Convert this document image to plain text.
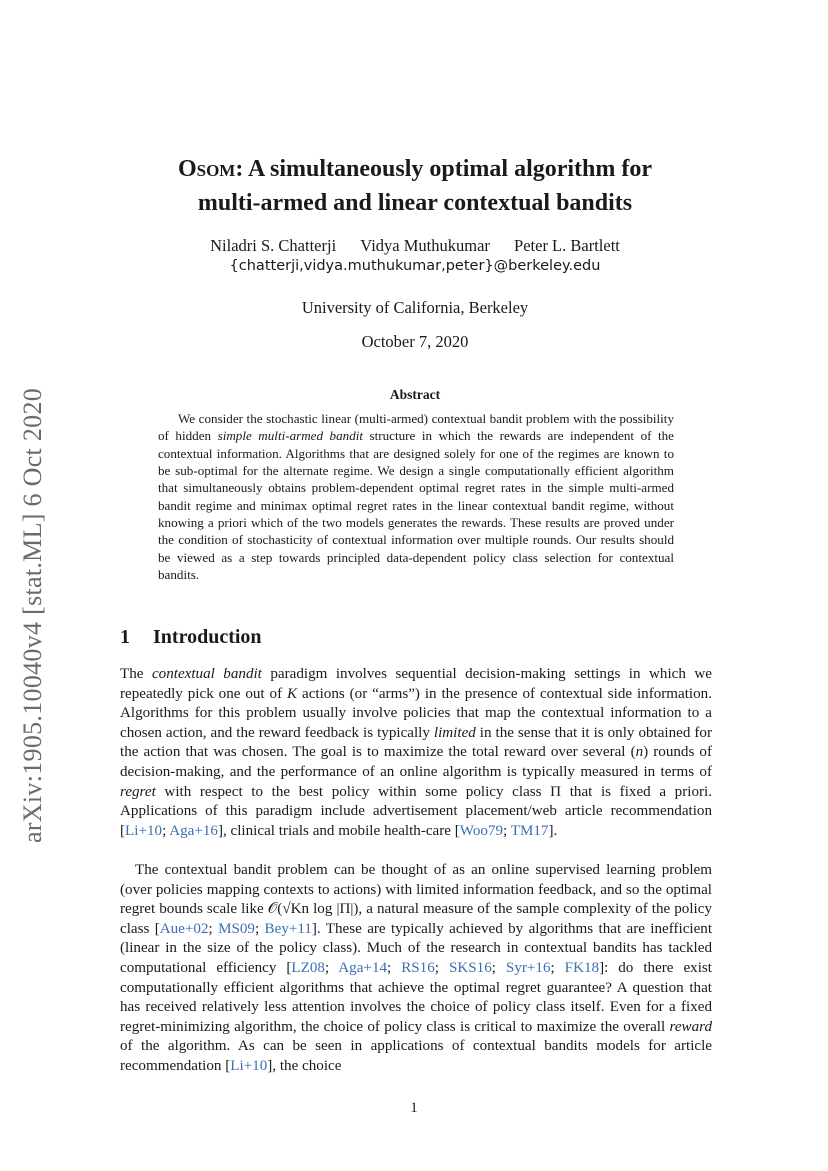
arXiv:1905.10040v4 [stat.ML] 6 Oct 2020
Osom: A simultaneously optimal algorithm for
multi-armed and linear contextual bandits
Niladri S. Chatterji Vidya Muthukumar Peter L. Bartlett
{chatterji,vidya.muthukumar,peter}@berkeley.edu
University of California, Berkeley
October 7, 2020
Abstract
We consider the stochastic linear (multi-armed) contextual bandit problem with the possibility of hidden simple multi-armed bandit structure in which the rewards are independent of the contextual information. Algorithms that are designed solely for one of the regimes are known to be sub-optimal for the alternate regime. We design a single computationally efficient algorithm that simultaneously obtains problem-dependent optimal regret rates in the simple multi-armed bandit regime and minimax optimal regret rates in the linear contextual bandit regime, without knowing a priori which of the two models generates the rewards. These results are proved under the condition of stochasticity of contextual information over multiple rounds. Our results should be viewed as a step towards principled data-dependent policy class selection for contextual bandits.
1 Introduction
The contextual bandit paradigm involves sequential decision-making settings in which we repeatedly pick one out of K actions (or “arms”) in the presence of contextual side information. Algorithms for this problem usually involve policies that map the contextual information to a chosen action, and the reward feedback is typically limited in the sense that it is only obtained for the action that was chosen. The goal is to maximize the total reward over several (n) rounds of decision-making, and the performance of an online algorithm is typically measured in terms of regret with respect to the best policy within some policy class Π that is fixed a priori. Applications of this paradigm include advertisement placement/web article recommendation [Li+10; Aga+16], clinical trials and mobile health-care [Woo79; TM17].
The contextual bandit problem can be thought of as an online supervised learning problem (over policies mapping contexts to actions) with limited information feedback, and so the optimal regret bounds scale like 𝒪(√Kn log |Π|), a natural measure of the sample complexity of the policy class [Aue+02; MS09; Bey+11]. These are typically achieved by algorithms that are inefficient (linear in the size of the policy class). Much of the research in contextual bandits has tackled computational efficiency [LZ08; Aga+14; RS16; SKS16; Syr+16; FK18]: do there exist computationally efficient algorithms that achieve the optimal regret guarantee? A question that has received relatively less attention involves the choice of policy class itself. Even for a fixed regret-minimizing algorithm, the choice of policy class is critical to maximize the overall reward of the algorithm. As can be seen in applications of contextual bandits models for article recommendation [Li+10], the choice
1
